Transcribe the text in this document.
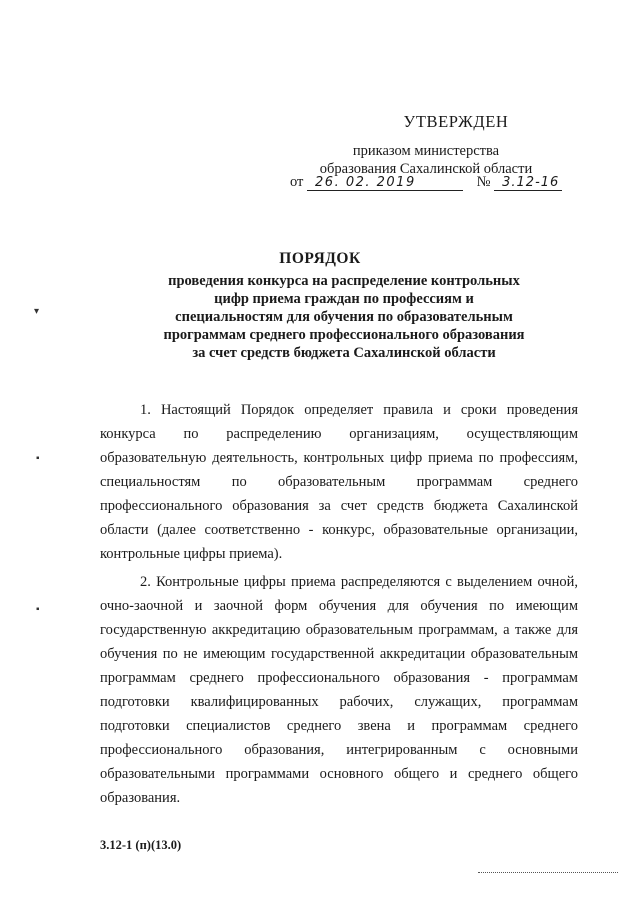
УТВЕРЖДЕН
приказом министерства
образования Сахалинской области
от 26. 02. 2019	№ 3.12-16
ПОРЯДОК
проведения конкурса на распределение контрольных
цифр приема граждан по профессиям и
специальностям для обучения по образовательным
программам среднего профессионального образования
за счет средств бюджета Сахалинской области

1. Настоящий Порядок определяет правила и сроки проведения конкурса по распределению организациям, осуществляющим образовательную деятельность, контрольных цифр приема по профессиям, специальностям по образовательным программам среднего профессионального образования за счет средств бюджета Сахалинской области (далее соответственно - конкурс, образовательные организации, контрольные цифры приема).

2. Контрольные цифры приема распределяются с выделением очной, очно-заочной и заочной форм обучения для обучения по имеющим государственную аккредитацию образовательным программам, а также для обучения по не имеющим государственной аккредитации образовательным программам среднего профессионального образования - программам подготовки квалифицированных рабочих, служащих, программам подготовки специалистов среднего звена и программам среднего профессионального образования, интегрированным с основными образовательными программами основного общего и среднего общего образования.

3.12-1 (п)(13.0)
▾
▪
▪
